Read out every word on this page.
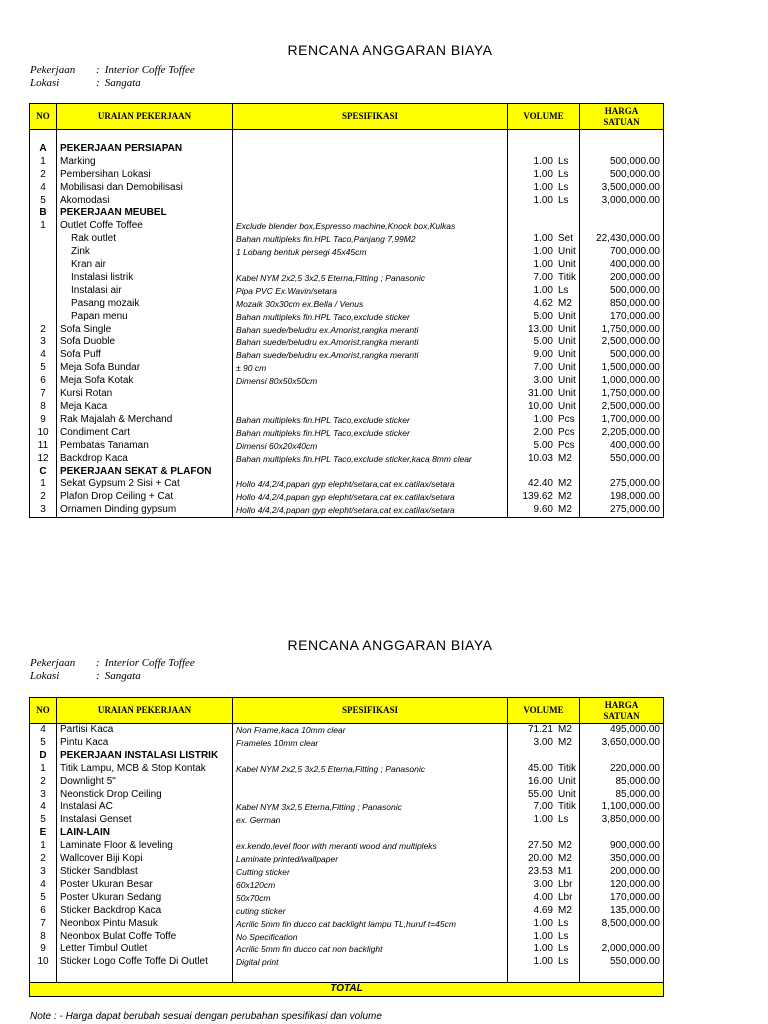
RENCANA ANGGARAN BIAYA
Pekerjaan : Interior Coffe Toffee
Lokasi	: Sangata
NO	URAIAN PEKERJAAN	SPESIFIKASI	VOLUME	HARGA
SATUAN

A	PEKERJAAN PERSIAPAN			
1	Marking		1.00 Ls	500,000.00
2	Pembersihan Lokasi		1.00 Ls	500,000.00
4	Mobilisasi dan Demobilisasi		1.00 Ls	3,500,000.00
5	Akomodasi		1.00 Ls	3,000,000.00
B	PEKERJAAN MEUBEL			
1	Outlet Coffe Toffee	Exclude blender box,Espresso machine,Knock box,Kulkas		
	Rak outlet	Bahan multipleks fin.HPL Taco,Panjang 7,99M2	1.00 Set	22,430,000.00
	Zink	1 Lobang bentuk persegi 45x45cm	1.00 Unit	700,000.00
	Kran air		1.00 Unit	400,000.00
	Instalasi listrik	Kabel NYM 2x2,5 3x2,5 Eterna,Fitting ; Panasonic	7.00 Titik	200,000.00
	Instalasi air	Pipa PVC Ex.Wavin/setara	1.00 Ls	500,000.00
	Pasang mozaik	Mozaik 30x30cm ex.Bella / Venus	4.62 M2	850,000.00
	Papan menu	Bahan multipleks fin.HPL Taco,exclude sticker	5.00 Unit	170,000.00
2	Sofa Single	Bahan suede/beludru ex.Amorist,rangka meranti	13.00 Unit	1,750,000.00
3	Sofa Duoble	Bahan suede/beludru ex.Amorist,rangka meranti	5.00 Unit	2,500,000.00
4	Sofa Puff	Bahan suede/beludru ex.Amorist,rangka meranti	9.00 Unit	500,000.00
5	Meja Sofa Bundar	± 90 cm	7.00 Unit	1,500,000.00
6	Meja Sofa Kotak	Dimensi 80x50x50cm	3.00 Unit	1,000,000.00
7	Kursi Rotan		31.00 Unit	1,750,000.00
8	Meja Kaca		10.00 Unit	2,500,000.00
9	Rak Majalah & Merchand	Bahan multipleks fin.HPL Taco,exclude sticker	1.00 Pcs	1,700,000.00
10	Condiment Cart	Bahan multipleks fin.HPL Taco,exclude sticker	2.00 Pcs	2,205,000.00
11	Pembatas Tanaman	Dimensi 60x20x40cm	5.00 Pcs	400,000.00
12	Backdrop Kaca	Bahan multipleks fin.HPL Taco,exclude sticker,kaca 8mm clear	10.03 M2	550,000.00
C	PEKERJAAN SEKAT & PLAFON			
1	Sekat Gypsum 2 Sisi + Cat	Hollo 4/4,2/4,papan gyp elepht/setara,cat ex.catilax/setara	42.40 M2	275,000.00
2	Plafon Drop Ceiling + Cat	Hollo 4/4,2/4,papan gyp elepht/setara,cat ex.catilax/setara	139.62 M2	198,000.00
3	Ornamen Dinding gypsum	Hollo 4/4,2/4,papan gyp elepht/setara,cat ex.catilax/setara	9.60 M2	275,000.00
RENCANA ANGGARAN BIAYA
Pekerjaan : Interior Coffe Toffee
Lokasi	: Sangata
NO	URAIAN PEKERJAAN	SPESIFIKASI	VOLUME	HARGA
SATUAN
4	Partisi Kaca	Non Frame,kaca 10mm clear	71.21 M2	495,000.00
5	Pintu Kaca	Frameles 10mm clear	3.00 M2	3,650,000.00
D	PEKERJAAN INSTALASI LISTRIK			
1	Titik Lampu, MCB & Stop Kontak	Kabel NYM 2x2,5 3x2,5 Eterna,Fitting ; Panasonic	45.00 Titik	220,000.00
2	Downlight 5"		16.00 Unit	85,000.00
3	Neonstick Drop Ceiling		55.00 Unit	85,000.00
4	Instalasi AC	Kabel NYM 3x2,5 Eterna,Fitting ; Panasonic	7.00 Titik	1,100,000.00
5	Instalasi Genset	ex. German	1.00 Ls	3,850,000.00
E	LAIN-LAIN			
1	Laminate Floor & leveling	ex.kendo,level floor with meranti wood and multipleks	27.50 M2	900,000.00
2	Wallcover Biji Kopi	Laminate printed/wallpaper	20.00 M2	350,000.00
3	Sticker Sandblast	Cutting sticker	23.53 M1	200,000.00
4	Poster Ukuran Besar	60x120cm	3.00 Lbr	120,000.00
5	Poster Ukuran Sedang	50x70cm	4.00 Lbr	170,000.00
6	Sticker Backdrop Kaca	cuting sticker	4.69 M2	135,000.00
7	Neonbox Pintu Masuk	Acrilic 5mm fin ducco cat backlight lampu TL,huruf t=45cm	1.00 Ls	8,500,000.00
8	Neonbox Bulat Coffe Toffe	No Specification	1.00 Ls	
9	Letter Timbul Outlet	Acrilic 5mm fin ducco cat non backlight	1.00 Ls	2,000,000.00
10	Sticker Logo Coffe Toffe Di Outlet	Digital print	1.00 Ls	550,000.00

TOTAL				
Note : - Harga dapat berubah sesuai dengan perubahan spesifikasi dan volume
